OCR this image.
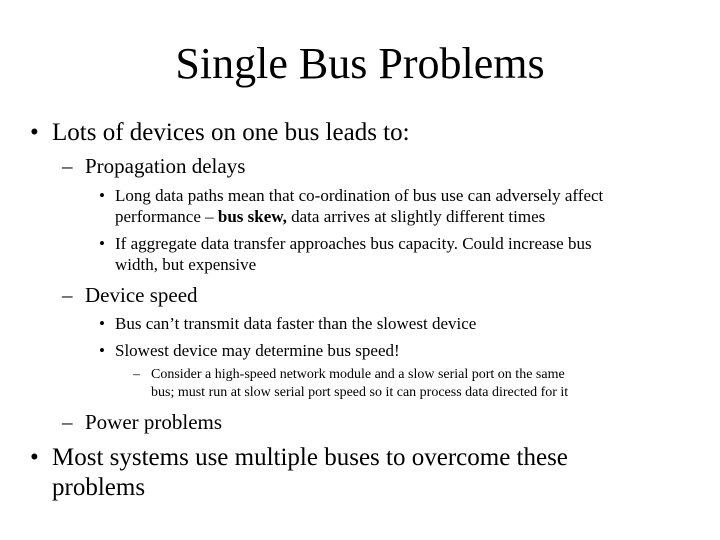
Single Bus Problems
• Lots of devices on one bus leads to:
– Propagation delays
• Long data paths mean that co-ordination of bus use can adversely affect
performance – bus skew, data arrives at slightly different times
• If aggregate data transfer approaches bus capacity. Could increase bus
width, but expensive
– Device speed
• Bus can’t transmit data faster than the slowest device
• Slowest device may determine bus speed!
– Consider a high-speed network module and a slow serial port on the same
bus; must run at slow serial port speed so it can process data directed for it
– Power problems
• Most systems use multiple buses to overcome these
problems
